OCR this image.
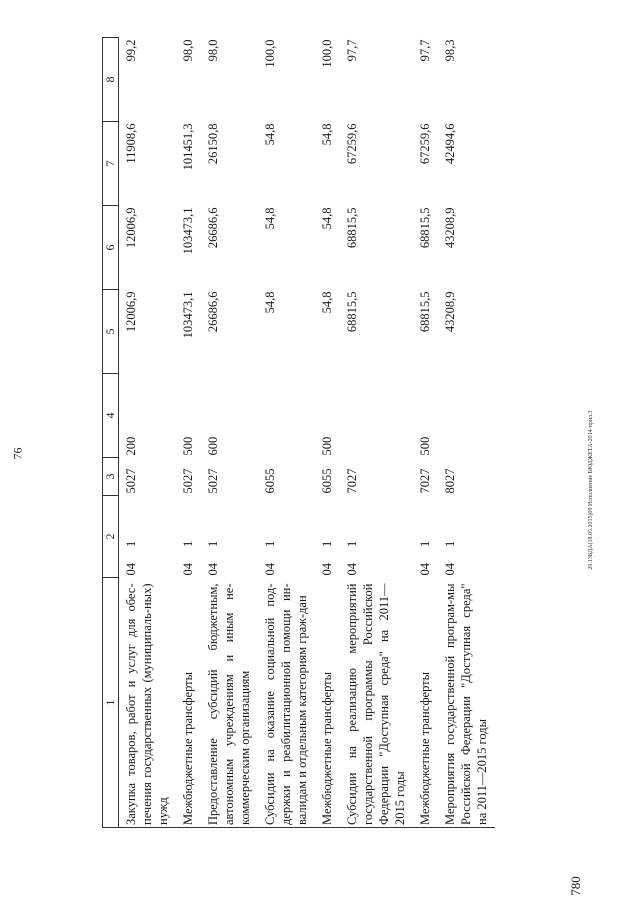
76
780
20.13БДА(18.05.2015)09 Исполнение БЮДЖЕТА-2014-прил.3
1	2	3	4	5	6	7	8
Закупка товаров, работ и услуг для обес-печения государственных (муниципаль-ных) нужд	041	5027	200	12006,9	12006,9	11908,6	99,2
Межбюджетные трансферты	041	5027	500	103473,1	103473,1	101451,3	98,0
Предоставление субсидий бюджетным, автономным учреждениям и иным не-коммерческим организациям	041	5027	600	26686,6	26686,6	26150,8	98,0
Субсидии на оказание социальной под-держки и реабилитационной помощи ин-валидам и отдельным категориям граж-дан	041	6055		54,8	54,8	54,8	100,0
Межбюджетные трансферты	041	6055	500	54,8	54,8	54,8	100,0
Субсидии на реализацию мероприятий государственной программы Российской Федерации "Доступная среда" на 2011—2015 годы	041	7027		68815,5	68815,5	67259,6	97,7
Межбюджетные трансферты	041	7027	500	68815,5	68815,5	67259,6	97,7
Мероприятия государственной програм-мы Российской Федерации "Доступная среда" на 2011—2015 годы	041	8027		43208,9	43208,9	42494,6	98,3
